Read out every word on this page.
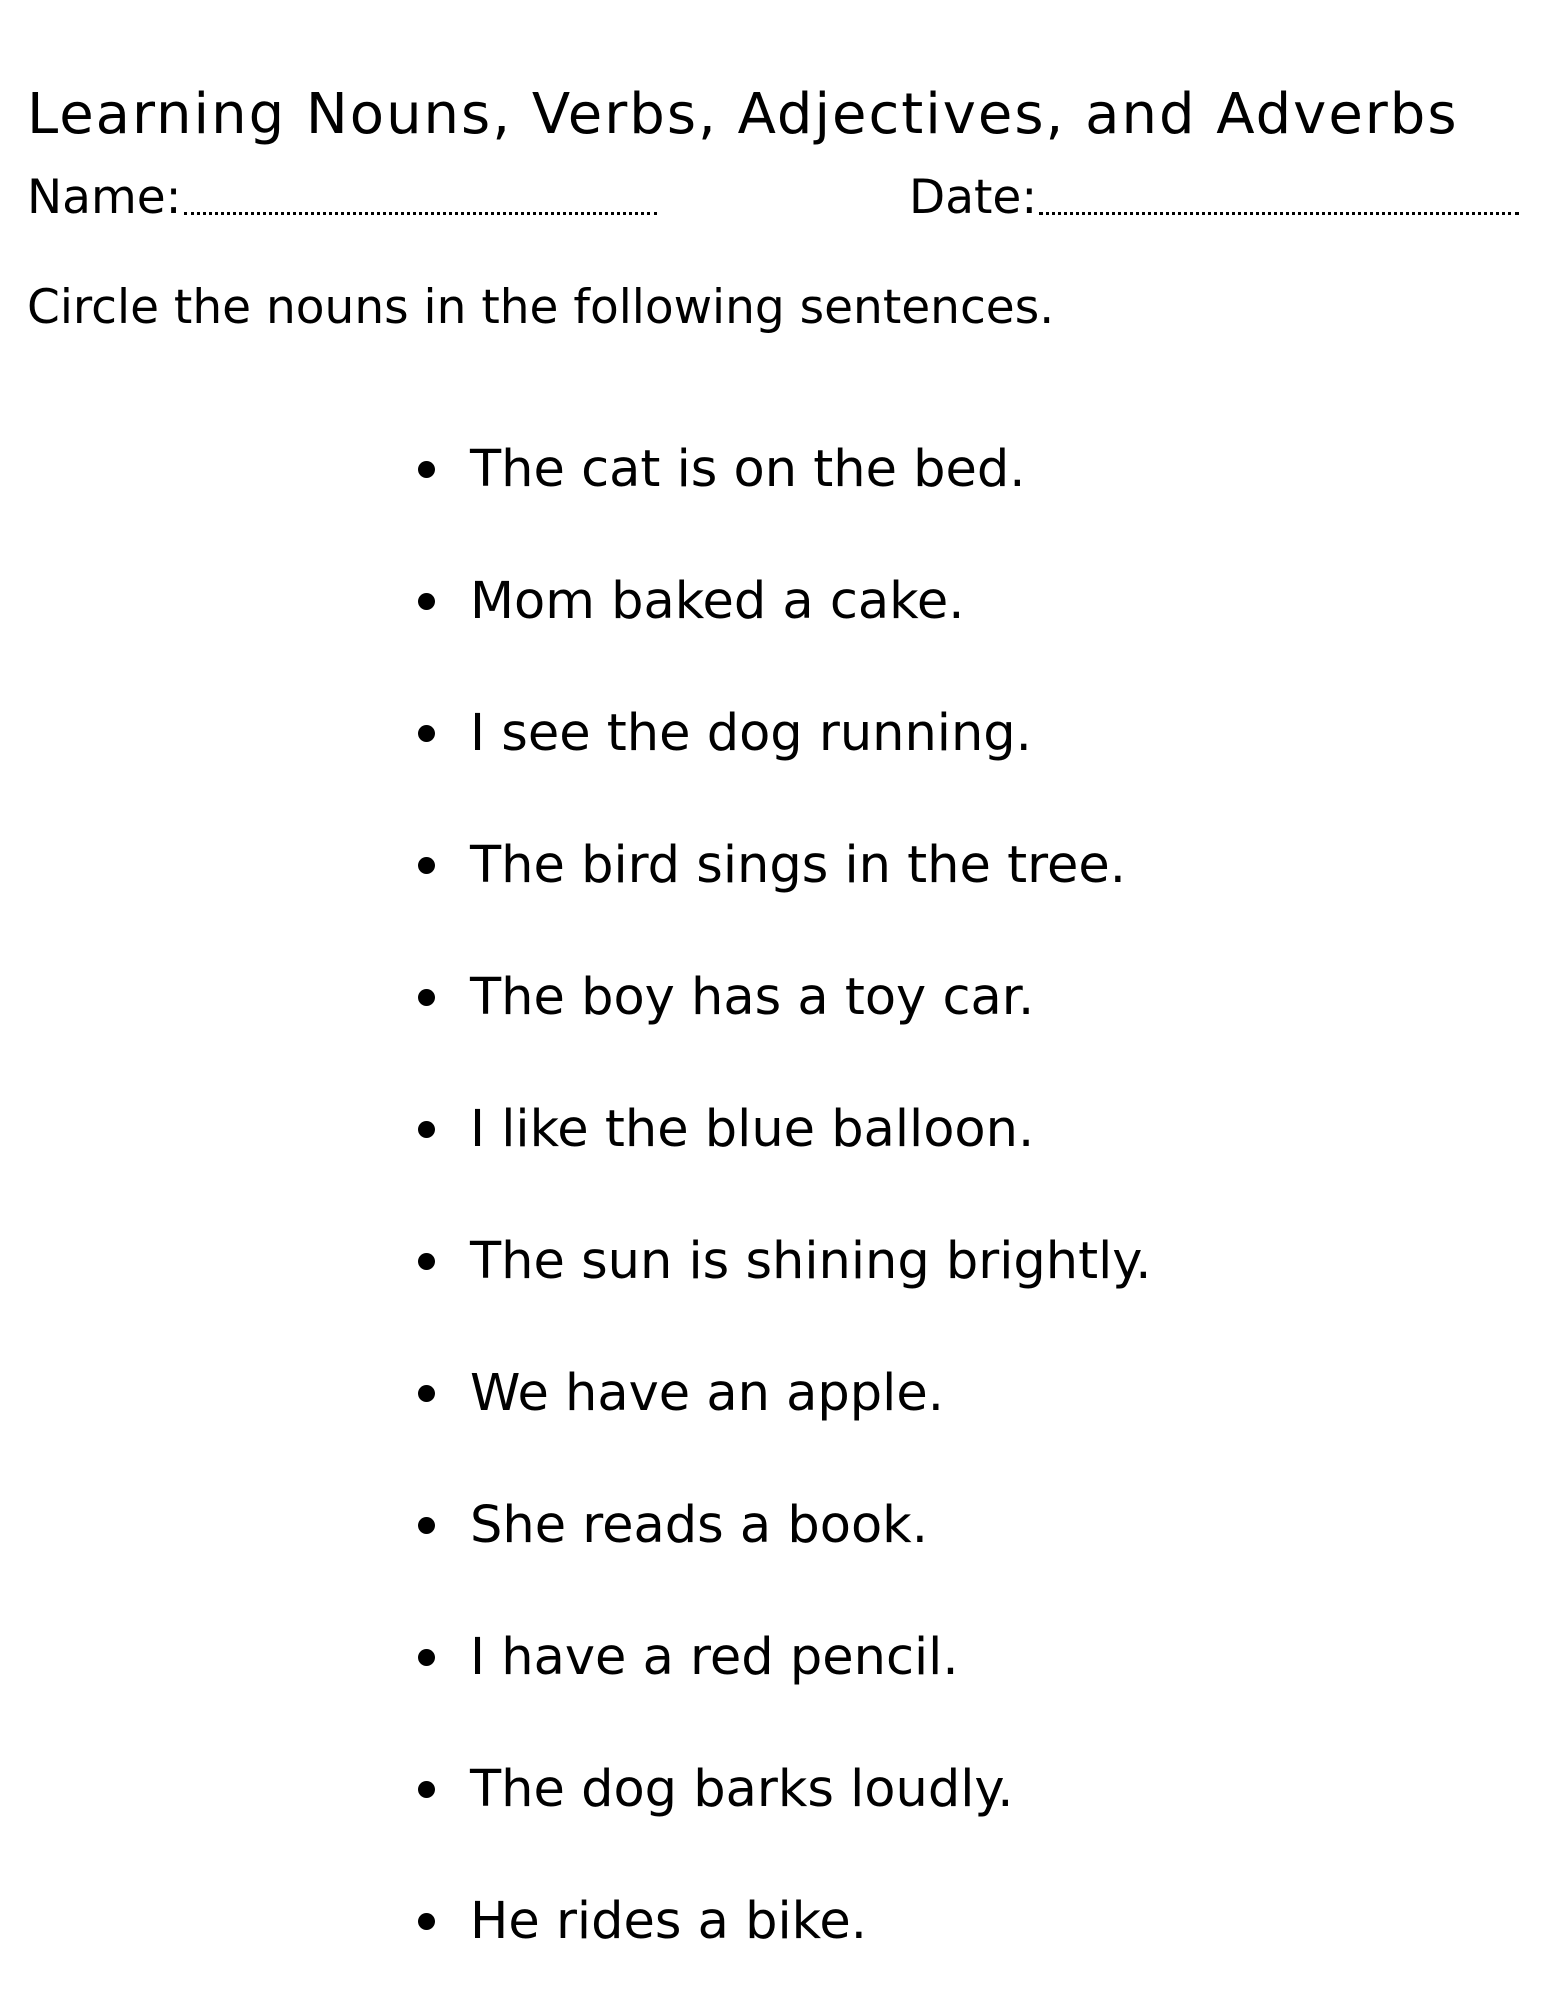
Learning Nouns, Verbs, Adjectives, and Adverbs
Name:	Date:
Circle the nouns in the following sentences.
The cat is on the bed.
Mom baked a cake.
I see the dog running.
The bird sings in the tree.
The boy has a toy car.
I like the blue balloon.
The sun is shining brightly.
We have an apple.
She reads a book.
I have a red pencil.
The dog barks loudly.
He rides a bike.
